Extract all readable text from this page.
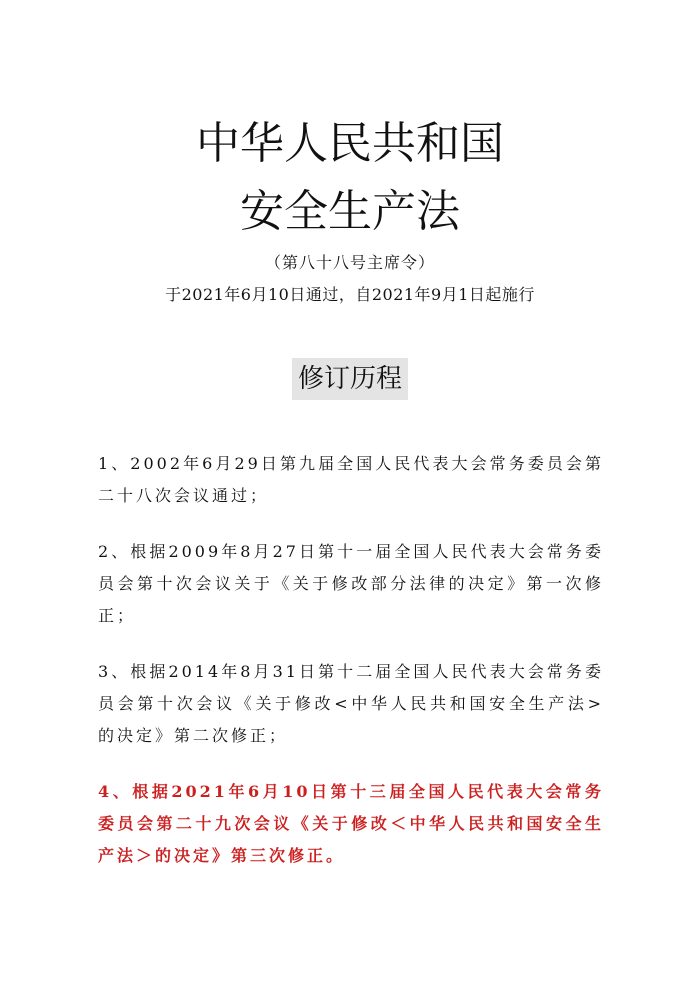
中华人民共和国
安全生产法
（第八十八号主席令）
于2021年6月10日通过，自2021年9月1日起施行
修订历程
1、2002年6月29日第九届全国人民代表大会常务委员会第二十八次会议通过；
2、根据2009年8月27日第十一届全国人民代表大会常务委员会第十次会议关于《关于修改部分法律的决定》第一次修正；
3、根据2014年8月31日第十二届全国人民代表大会常务委员会第十次会议《关于修改<中华人民共和国安全生产法>的决定》第二次修正；
4、根据2021年6月10日第十三届全国人民代表大会常务委员会第二十九次会议《关于修改＜中华人民共和国安全生产法＞的决定》第三次修正。
